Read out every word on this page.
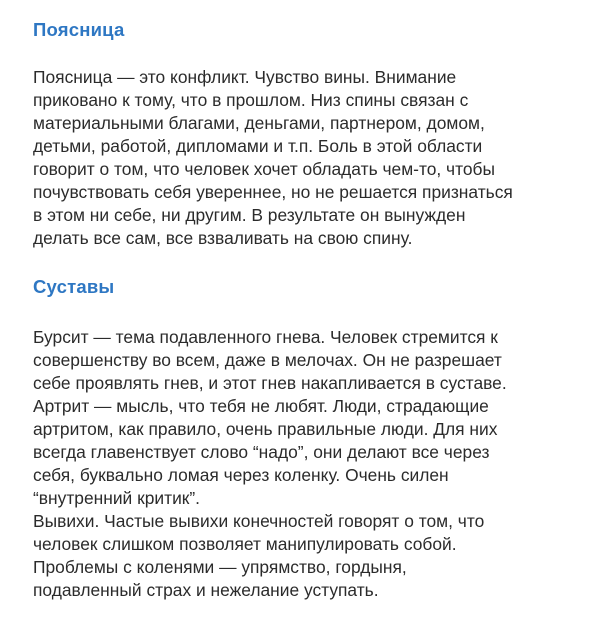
Поясница
Поясница — это конфликт. Чувство вины. Внимание
приковано к тому, что в прошлом. Низ спины связан с
материальными благами, деньгами, партнером, домом,
детьми, работой, дипломами и т.п. Боль в этой области
говорит о том, что человек хочет обладать чем-то, чтобы
почувствовать себя увереннее, но не решается признаться
в этом ни себе, ни другим. В результате он вынужден
делать все сам, все взваливать на свою спину.
Суставы
Бурсит — тема подавленного гнева. Человек стремится к
совершенству во всем, даже в мелочах. Он не разрешает
себе проявлять гнев, и этот гнев накапливается в суставе.
Артрит — мысль, что тебя не любят. Люди, страдающие
артритом, как правило, очень правильные люди. Для них
всегда главенствует слово “надо”, они делают все через
себя, буквально ломая через коленку. Очень силен
“внутренний критик”.
Вывихи. Частые вывихи конечностей говорят о том, что
человек слишком позволяет манипулировать собой.
Проблемы с коленями — упрямство, гордыня,
подавленный страх и нежелание уступать.
